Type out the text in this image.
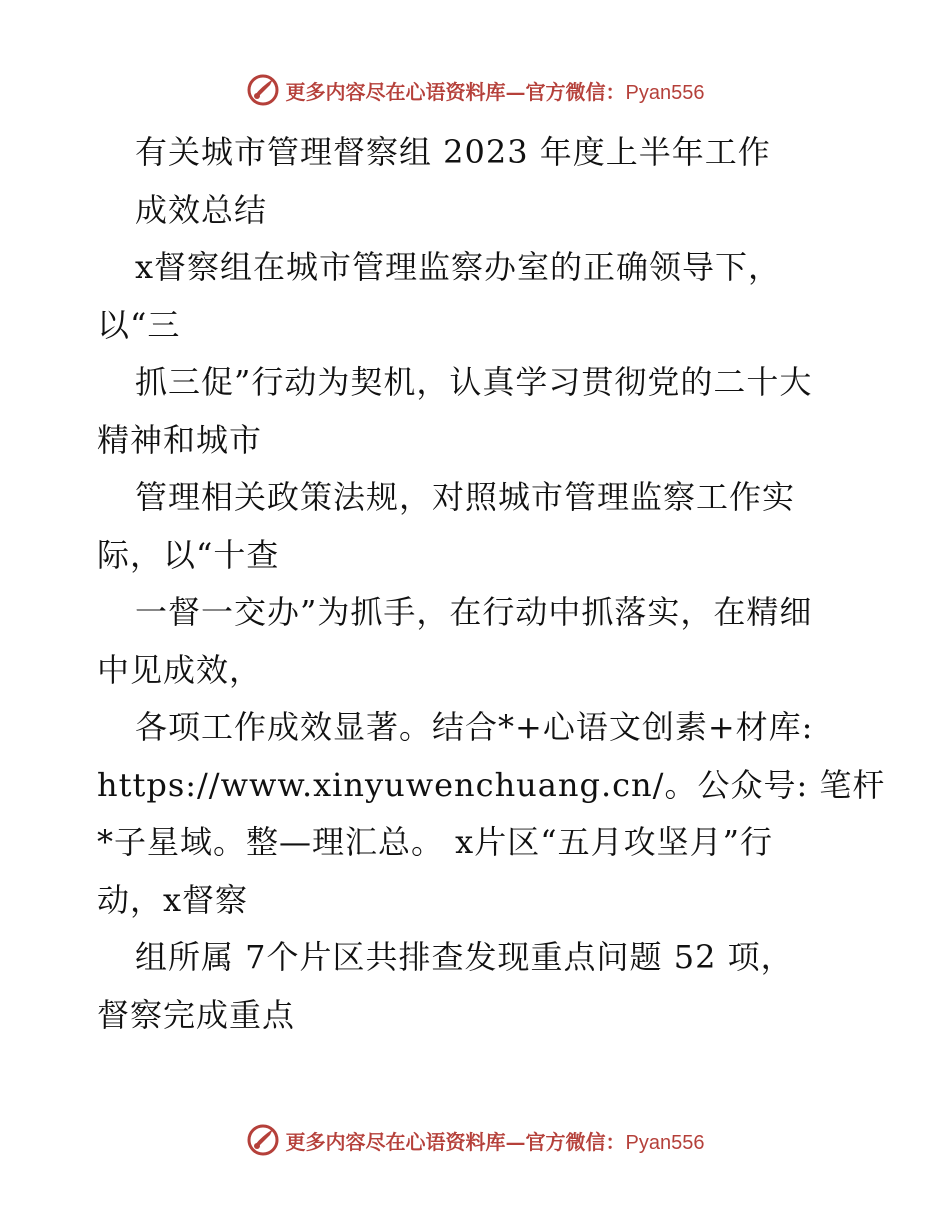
更多内容尽在心语资料库—官方微信：Pyan556
有关城市管理督察组 2023 年度上半年工作
成效总结
x督察组在城市管理监察办室的正确领导下，
以“三
抓三促”行动为契机，认真学习贯彻党的二十大
精神和城市
管理相关政策法规，对照城市管理监察工作实
际，以“十查
一督一交办”为抓手，在行动中抓落实，在精细
中见成效，
各项工作成效显著。结合*+心语文创素+材库:
https://www.xinyuwenchuang.cn/。公众号: 笔杆
*子星域。整—理汇总。 x片区“五月攻坚月”行
动，x督察
组所属 7个片区共排查发现重点问题 52 项，
督察完成重点
更多内容尽在心语资料库—官方微信：Pyan556
